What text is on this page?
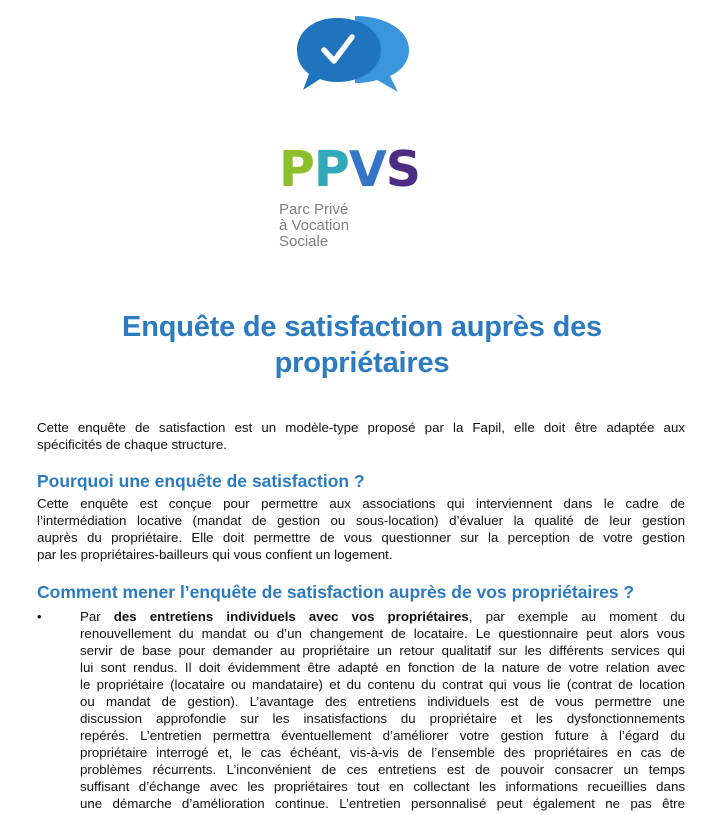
PPVS
Parc Privé
à Vocation
Sociale
Enquête de satisfaction auprès des
propriétaires
Cette enquête de satisfaction est un modèle-type proposé par la Fapil, elle doit être adaptée aux
spécificités de chaque structure.
Pourquoi une enquête de satisfaction ?
Cette enquête est conçue pour permettre aux associations qui interviennent dans le cadre de
l’intermédiation locative (mandat de gestion ou sous-location) d’évaluer la qualité de leur gestion
auprès du propriétaire. Elle doit permettre de vous questionner sur la perception de votre gestion
par les propriétaires-bailleurs qui vous confient un logement.
Comment mener l’enquête de satisfaction auprès de vos propriétaires ?
•	Par des entretiens individuels avec vos propriétaires, par exemple au moment du
renouvellement du mandat ou d’un changement de locataire. Le questionnaire peut alors vous
servir de base pour demander au propriétaire un retour qualitatif sur les différents services qui
lui sont rendus. Il doit évidemment être adapté en fonction de la nature de votre relation avec
le propriétaire (locataire ou mandataire) et du contenu du contrat qui vous lie (contrat de location
ou mandat de gestion). L’avantage des entretiens individuels est de vous permettre une
discussion approfondie sur les insatisfactions du propriétaire et les dysfonctionnements
repérés. L’entretien permettra éventuellement d’améliorer votre gestion future à l’égard du
propriétaire interrogé et, le cas échéant, vis-à-vis de l’ensemble des propriétaires en cas de
problèmes récurrents. L’inconvénient de ces entretiens est de pouvoir consacrer un temps
suffisant d’échange avec les propriétaires tout en collectant les informations recueillies dans
une démarche d’amélioration continue. L’entretien personnalisé peut également ne pas être
